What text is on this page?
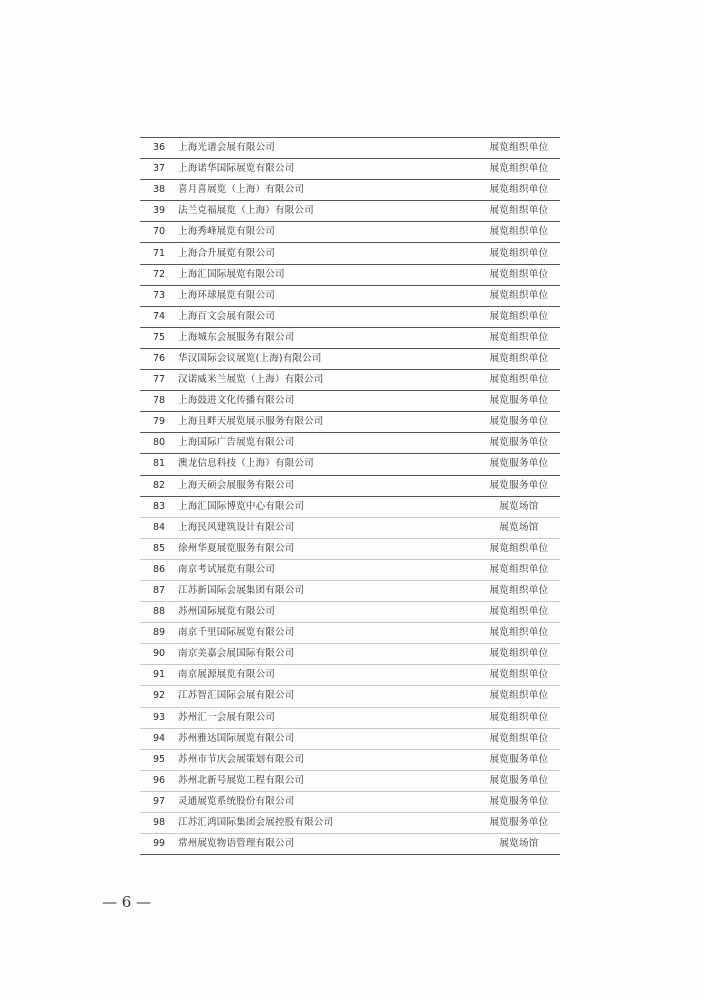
36	上海光谱会展有限公司	展览组织单位
37	上海诺华国际展览有限公司	展览组织单位
38	喜月喜展览（上海）有限公司	展览组织单位
39	法兰克福展览（上海）有限公司	展览组织单位
70	上海秀峰展览有限公司	展览组织单位
71	上海合升展览有限公司	展览组织单位
72	上海汇国际展览有限公司	展览组织单位
73	上海环球展览有限公司	展览组织单位
74	上海百文会展有限公司	展览组织单位
75	上海城东会展服务有限公司	展览组织单位
76	华汉国际会议展览(上海)有限公司	展览组织单位
77	汉诺威米兰展览（上海）有限公司	展览组织单位
78	上海鼓进文化传播有限公司	展览服务单位
79	上海且畔天展览展示服务有限公司	展览服务单位
80	上海国际广告展览有限公司	展览服务单位
81	澳龙信息科技（上海）有限公司	展览服务单位
82	上海天硕会展服务有限公司	展览服务单位
83	上海汇国际博览中心有限公司	展览场馆
84	上海民风建筑设计有限公司	展览场馆
85	徐州华夏展览服务有限公司	展览组织单位
86	南京考试展览有限公司	展览组织单位
87	江苏新国际会展集团有限公司	展览组织单位
88	苏州国际展览有限公司	展览组织单位
89	南京千里国际展览有限公司	展览组织单位
90	南京美嘉会展国际有限公司	展览组织单位
91	南京展源展览有限公司	展览组织单位
92	江苏智汇国际会展有限公司	展览组织单位
93	苏州汇一会展有限公司	展览组织单位
94	苏州雅达国际展览有限公司	展览组织单位
95	苏州市节庆会展策划有限公司	展览服务单位
96	苏州北新号展览工程有限公司	展览服务单位
97	灵通展览系统股份有限公司	展览服务单位
98	江苏汇鸿国际集团会展控股有限公司	展览服务单位
99	常州展览物语管理有限公司	展览场馆
— 6 —
